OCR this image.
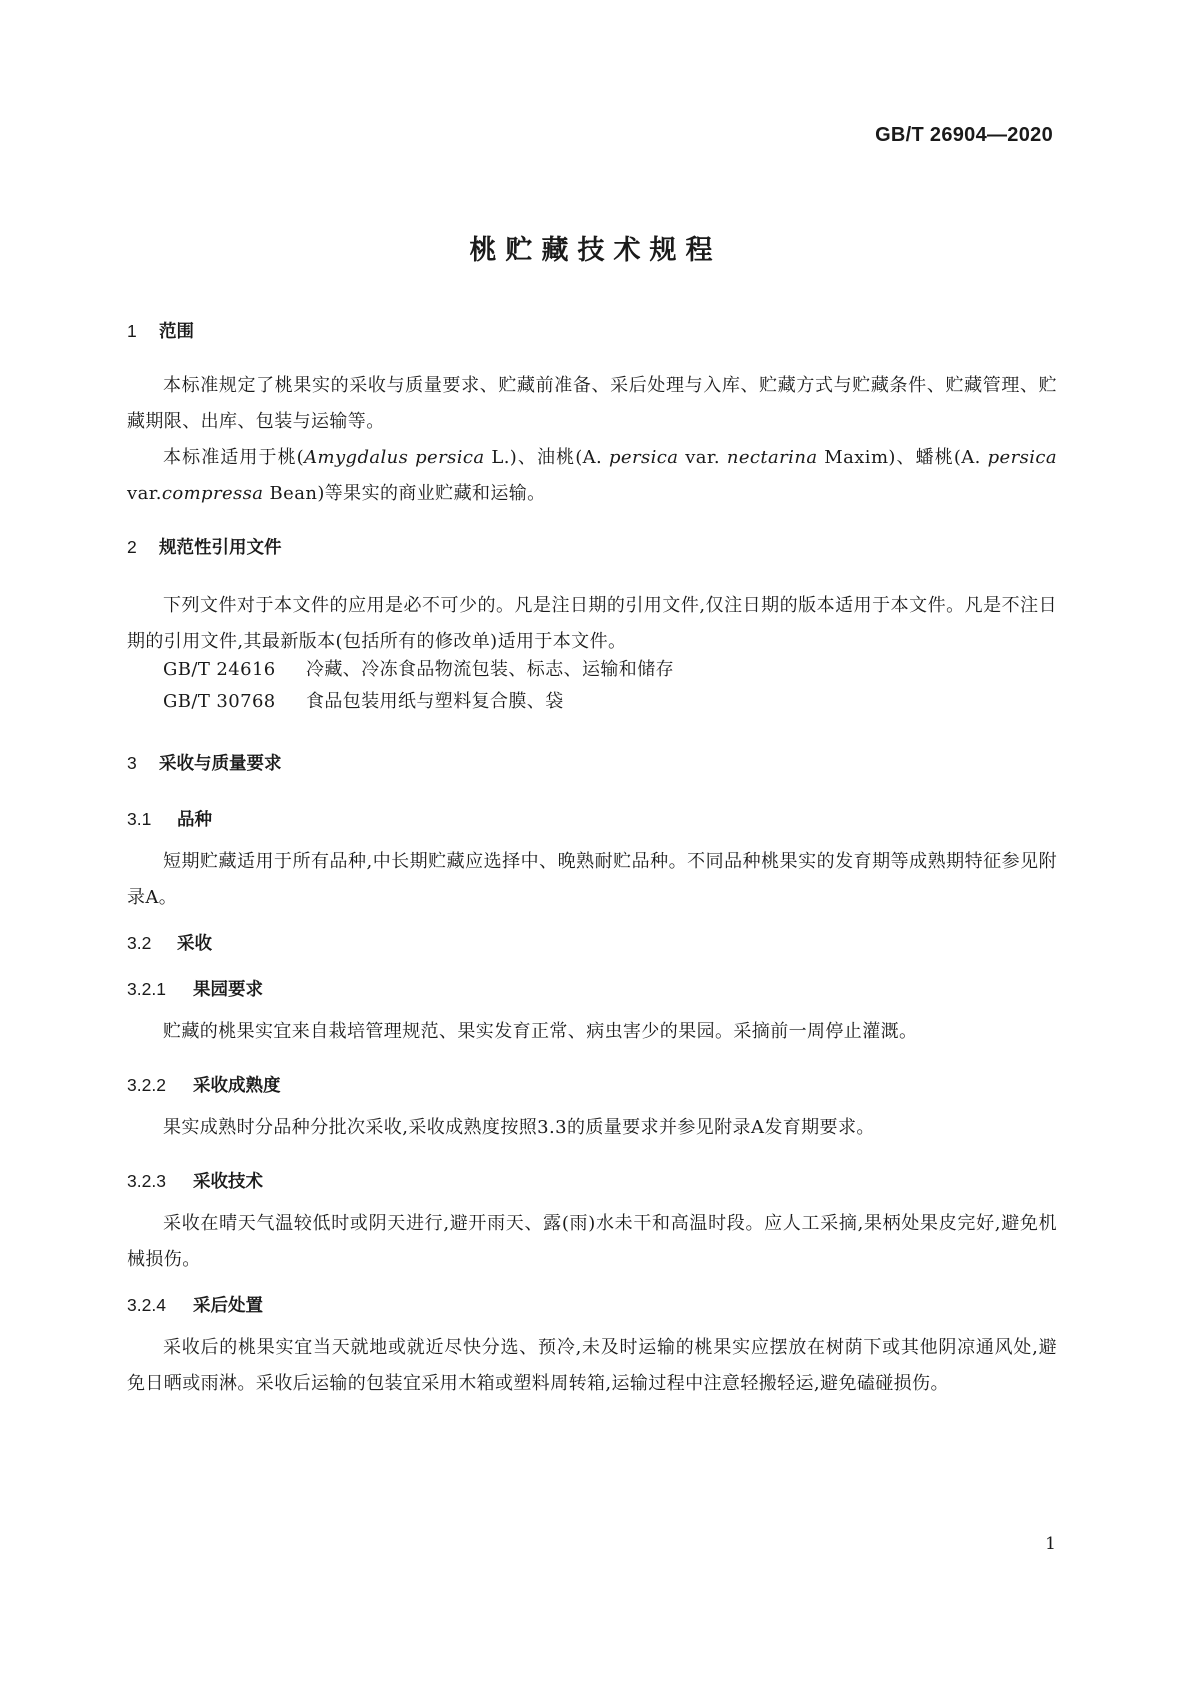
GB/T 26904—2020
桃贮藏技术规程
1 范围
本标准规定了桃果实的采收与质量要求、贮藏前准备、采后处理与入库、贮藏方式与贮藏条件、贮藏管理、贮藏期限、出库、包装与运输等。
本标准适用于桃(Amygdalus persica L.)、油桃(A. persica var. nectarina Maxim)、蟠桃(A. persica var.compressa Bean)等果实的商业贮藏和运输。
2 规范性引用文件
下列文件对于本文件的应用是必不可少的。凡是注日期的引用文件,仅注日期的版本适用于本文件。凡是不注日期的引用文件,其最新版本(包括所有的修改单)适用于本文件。
GB/T 24616 冷藏、冷冻食品物流包装、标志、运输和储存
GB/T 30768 食品包装用纸与塑料复合膜、袋
3 采收与质量要求
3.1 品种
短期贮藏适用于所有品种,中长期贮藏应选择中、晚熟耐贮品种。不同品种桃果实的发育期等成熟期特征参见附录A。
3.2 采收
3.2.1 果园要求
贮藏的桃果实宜来自栽培管理规范、果实发育正常、病虫害少的果园。采摘前一周停止灌溉。
3.2.2 采收成熟度
果实成熟时分品种分批次采收,采收成熟度按照3.3的质量要求并参见附录A发育期要求。
3.2.3 采收技术
采收在晴天气温较低时或阴天进行,避开雨天、露(雨)水未干和高温时段。应人工采摘,果柄处果皮完好,避免机械损伤。
3.2.4 采后处置
采收后的桃果实宜当天就地或就近尽快分选、预冷,未及时运输的桃果实应摆放在树荫下或其他阴凉通风处,避免日晒或雨淋。采收后运输的包装宜采用木箱或塑料周转箱,运输过程中注意轻搬轻运,避免磕碰损伤。
1
